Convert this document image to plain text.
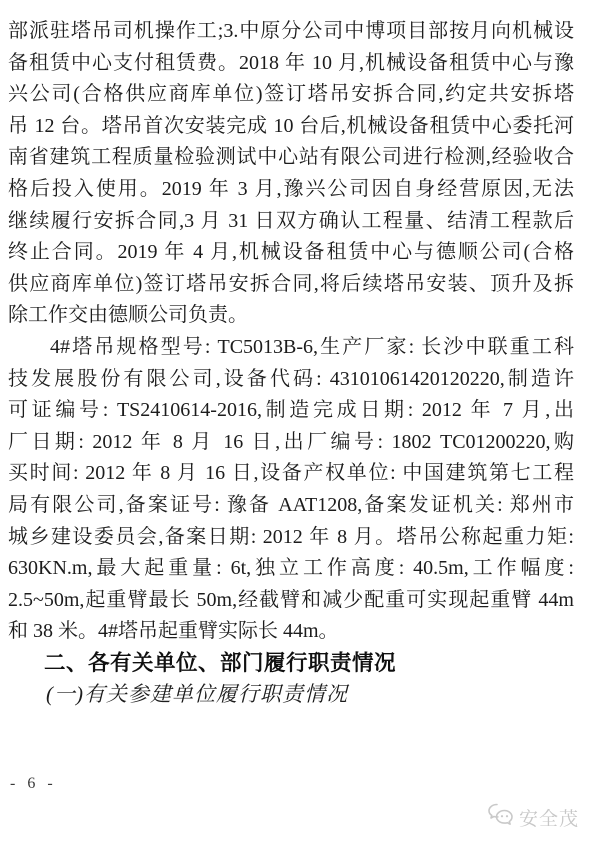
部派驻塔吊司机操作工;3.中原分公司中博项目部按月向机械设
备租赁中心支付租赁费。2018 年 10 月,机械设备租赁中心与豫
兴公司(合格供应商库单位)签订塔吊安拆合同,约定共安拆塔
吊 12 台。塔吊首次安装完成 10 台后,机械设备租赁中心委托河
南省建筑工程质量检验测试中心站有限公司进行检测,经验收合
格后投入使用。2019 年 3 月,豫兴公司因自身经营原因,无法
继续履行安拆合同,3 月 31 日双方确认工程量、结清工程款后
终止合同。2019 年 4 月,机械设备租赁中心与德顺公司(合格
供应商库单位)签订塔吊安拆合同,将后续塔吊安装、顶升及拆
除工作交由德顺公司负责。
4#塔吊规格型号: TC5013B-6,生产厂家: 长沙中联重工科
技发展股份有限公司,设备代码: 43101061420120220,制造许
可证编号: TS2410614-2016,制造完成日期: 2012 年 7 月,出
厂日期: 2012 年 8 月 16 日,出厂编号: 1802 TC01200220,购
买时间: 2012 年 8 月 16 日,设备产权单位: 中国建筑第七工程
局有限公司,备案证号: 豫备 AAT1208,备案发证机关: 郑州市
城乡建设委员会,备案日期: 2012 年 8 月。塔吊公称起重力矩:
630KN.m,最大起重量: 6t,独立工作高度: 40.5m,工作幅度:
2.5~50m,起重臂最长 50m,经截臂和减少配重可实现起重臂 44m
和 38 米。4#塔吊起重臂实际长 44m。
二、各有关单位、部门履行职责情况
(一)有关参建单位履行职责情况
- 6 -
安全茂
